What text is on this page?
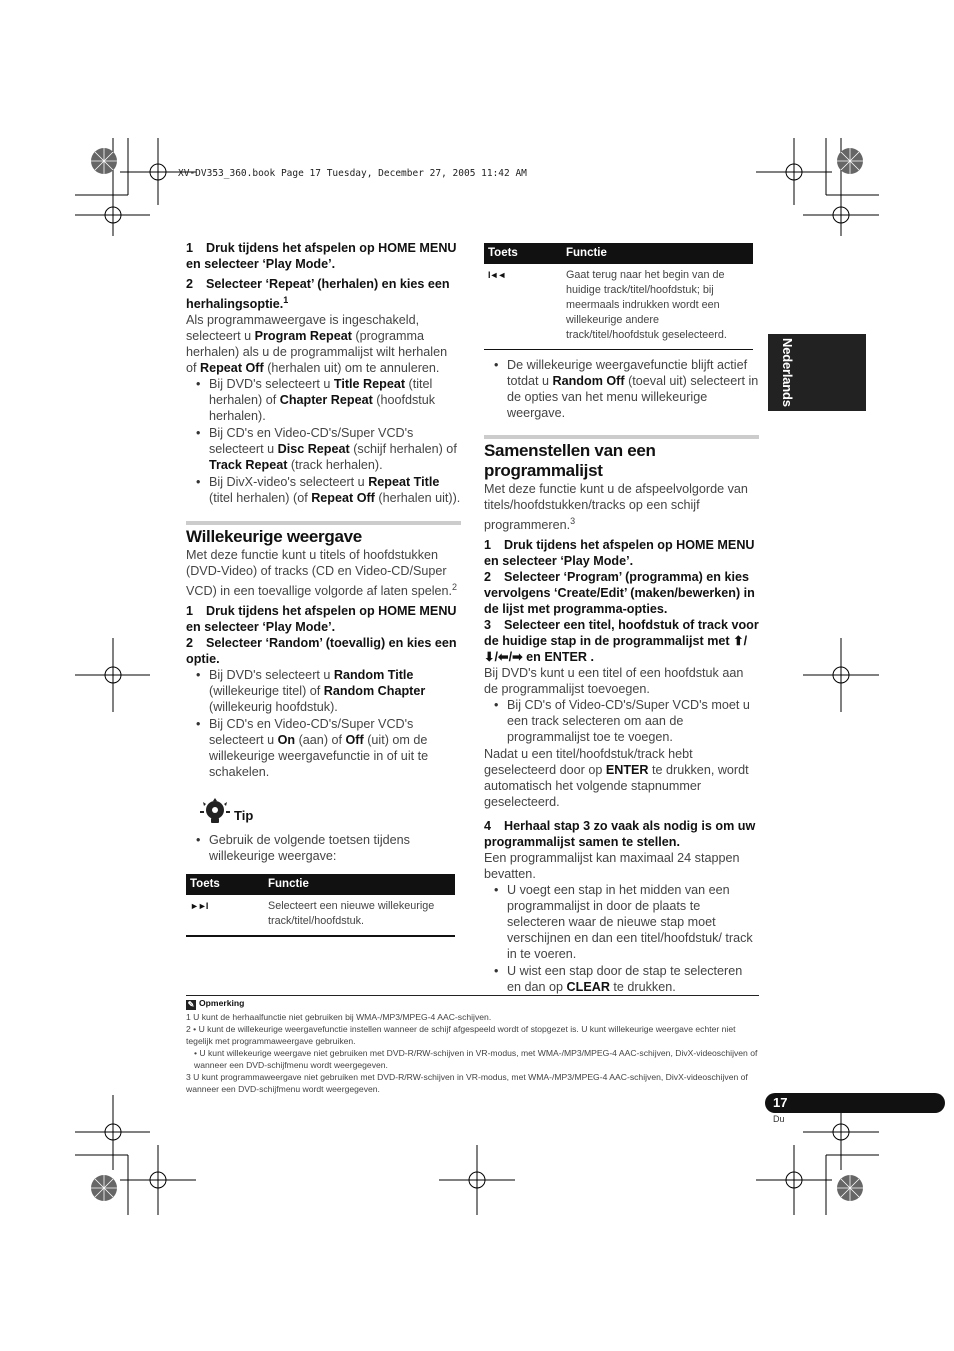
XV-DV353_360.book Page 17 Tuesday, December 27, 2005 11:42 AM
Nederlands

1 Druk tijdens het afspelen op HOME MENU en selecteer ‘Play Mode’.

2 Selecteer ‘Repeat’ (herhalen) en kies een herhalingsoptie.$^1$

Als programmaweergave is ingeschakeld, selecteert u Program Repeat (programma herhalen) als u de programmalijst wilt herhalen of Repeat Off (herhalen uit) om te annuleren.

• Bij DVD's selecteert u Title Repeat (titel herhalen) of Chapter Repeat (hoofdstuk herhalen).
• Bij CD's en Video-CD's/Super VCD's selecteert u Disc Repeat (schijf herhalen) of Track Repeat (track herhalen).
• Bij DivX-video's selecteert u Repeat Title (titel herhalen) (of Repeat Off (herhalen uit)).
Willekeurige weergave

Met deze functie kunt u titels of hoofdstukken (DVD-Video) of tracks (CD en Video-CD/Super VCD) in een toevallige volgorde af laten spelen.$^2$

1 Druk tijdens het afspelen op HOME MENU en selecteer ‘Play Mode’.

2 Selecteer ‘Random’ (toevallig) en kies een optie.

• Bij DVD's selecteert u Random Title (willekeurige titel) of Random Chapter (willekeurig hoofdstuk).
• Bij CD's en Video-CD's/Super VCD's selecteert u On (aan) of Off (uit) om de willekeurige weergavefunctie in of uit te schakelen.
Tip
• Gebruik de volgende toetsen tijdens willekeurige weergave:
Toets	Functie
►►I	Selecteert een nieuwe willekeurige track/titel/hoofdstuk.
Toets	Functie
I◄◄	Gaat terug naar het begin van de huidige track/titel/hoofdstuk; bij meermaals indrukken wordt een willekeurige andere track/titel/hoofdstuk geselecteerd.
• De willekeurige weergavefunctie blijft actief totdat u Random Off (toeval uit) selecteert in de opties van het menu willekeurige weergave.
Samenstellen van een programmalijst

Met deze functie kunt u de afspeelvolgorde van titels/hoofdstukken/tracks op een schijf programmeren.$^3$

1 Druk tijdens het afspelen op HOME MENU en selecteer ‘Play Mode’.

2 Selecteer ‘Program’ (programma) en kies vervolgens ‘Create/Edit’ (maken/bewerken) in de lijst met programma-opties.

3 Selecteer een titel, hoofdstuk of track voor de huidige stap in de programmalijst met ⬆/⬇/⬅/➡ en ENTER .

Bij DVD's kunt u een titel of een hoofdstuk aan de programmalijst toevoegen.

• Bij CD's of Video-CD's/Super VCD's moet u een track selecteren om aan de programmalijst toe te voegen.

Nadat u een titel/hoofdstuk/track hebt geselecteerd door op ENTER te drukken, wordt automatisch het volgende stapnummer geselecteerd.

4 Herhaal stap 3 zo vaak als nodig is om uw programmalijst samen te stellen.

Een programmalijst kan maximaal 24 stappen bevatten.

• U voegt een stap in het midden van een programmalijst in door de plaats te selecteren waar de nieuwe stap moet verschijnen en dan een titel/hoofdstuk/ track in te voeren.
• U wist een stap door de stap te selecteren en dan op CLEAR te drukken.
✎ Opmerking
1 U kunt de herhaalfunctie niet gebruiken bij WMA-/MP3/MPEG-4 AAC-schijven.
2 • U kunt de willekeurige weergavefunctie instellen wanneer de schijf afgespeeld wordt of stopgezet is. U kunt willekeurige weergave echter niet tegelijk met programmaweergave gebruiken.
• U kunt willekeurige weergave niet gebruiken met DVD-R/RW-schijven in VR-modus, met WMA-/MP3/MPEG-4 AAC-schijven, DivX-videoschijven of wanneer een DVD-schijfmenu wordt weergegeven.
3 U kunt programmaweergave niet gebruiken met DVD-R/RW-schijven in VR-modus, met WMA-/MP3/MPEG-4 AAC-schijven, DivX-videoschijven of wanneer een DVD-schijfmenu wordt weergegeven.
17
Du
